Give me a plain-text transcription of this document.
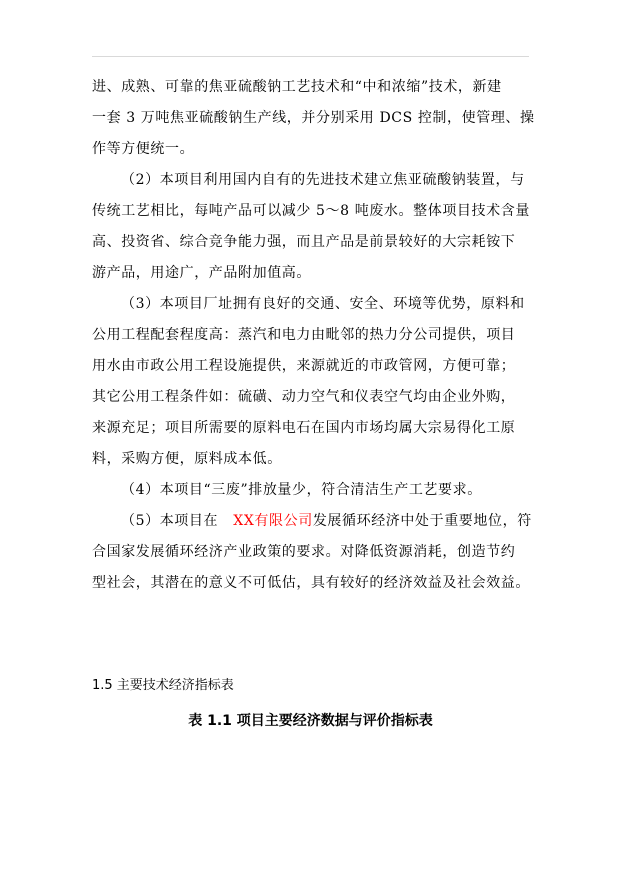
进、成熟、可靠的焦亚硫酸钠工艺技术和“中和浓缩”技术，新建
一套 3 万吨焦亚硫酸钠生产线，并分别采用 DCS 控制，使管理、操
作等方便统一。
（2）本项目利用国内自有的先进技术建立焦亚硫酸钠装置，与
传统工艺相比，每吨产品可以减少 5～8 吨废水。整体项目技术含量
高、投资省、综合竞争能力强，而且产品是前景较好的大宗耗铵下
游产品，用途广，产品附加值高。
（3）本项目厂址拥有良好的交通、安全、环境等优势，原料和
公用工程配套程度高：蒸汽和电力由毗邻的热力分公司提供，项目
用水由市政公用工程设施提供，来源就近的市政管网，方便可靠；
其它公用工程条件如：硫磺、动力空气和仪表空气均由企业外购，
来源充足；项目所需要的原料电石在国内市场均属大宗易得化工原
料，采购方便，原料成本低。
（4）本项目“三废”排放量少，符合清洁生产工艺要求。
（5）本项目在 XX有限公司发展循环经济中处于重要地位，符
合国家发展循环经济产业政策的要求。对降低资源消耗，创造节约
型社会，其潜在的意义不可低估，具有较好的经济效益及社会效益。
1.5 主要技术经济指标表
表 1.1 项目主要经济数据与评价指标表
